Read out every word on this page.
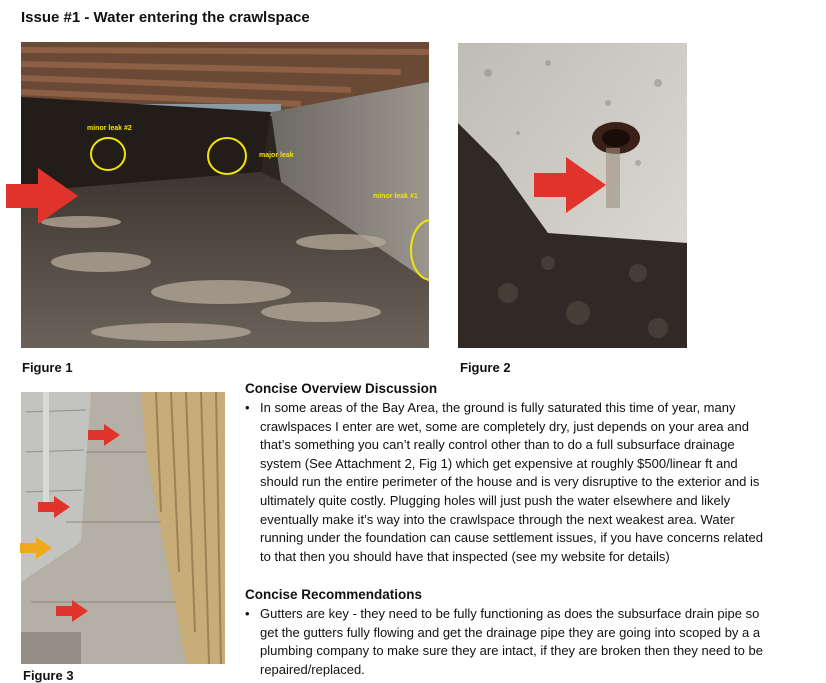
Issue #1 - Water entering the crawlspace
minor leak #2
major leak
minor leak #1
Figure 1	Figure 2
Figure 3
Concise Overview Discussion
• In some areas of the Bay Area, the ground is fully saturated this time of year, many
crawlspaces I enter are wet, some are completely dry, just depends on your area and
that’s something you can’t really control other than to do a full subsurface drainage
system (See Attachment 2, Fig 1) which get expensive at roughly $500/linear ft and
should run the entire perimeter of the house and is very disruptive to the exterior and is
ultimately quite costly. Plugging holes will just push the water elsewhere and likely
eventually make it’s way into the crawlspace through the next weakest area. Water
running under the foundation can cause settlement issues, if you have concerns related
to that then you should have that inspected (see my website for details)
Concise Recommendations
• Gutters are key - they need to be fully functioning as does the subsurface drain pipe so
get the gutters fully flowing and get the drainage pipe they are going into scoped by a a
plumbing company to make sure they are intact, if they are broken then they need to be
repaired/replaced.
